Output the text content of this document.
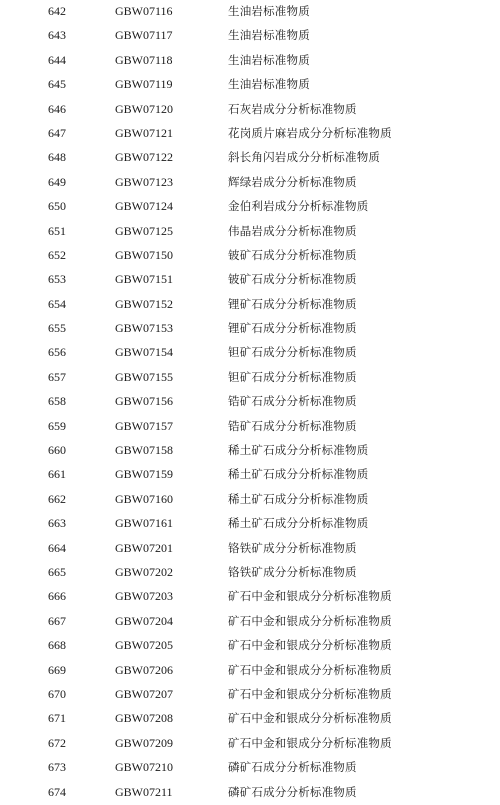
642	GBW07116	生油岩标准物质
643	GBW07117	生油岩标准物质
644	GBW07118	生油岩标准物质
645	GBW07119	生油岩标准物质
646	GBW07120	石灰岩成分分析标准物质
647	GBW07121	花岗质片麻岩成分分析标准物质
648	GBW07122	斜长角闪岩成分分析标准物质
649	GBW07123	辉绿岩成分分析标准物质
650	GBW07124	金伯利岩成分分析标准物质
651	GBW07125	伟晶岩成分分析标准物质
652	GBW07150	铍矿石成分分析标准物质
653	GBW07151	铍矿石成分分析标准物质
654	GBW07152	锂矿石成分分析标准物质
655	GBW07153	锂矿石成分分析标准物质
656	GBW07154	钽矿石成分分析标准物质
657	GBW07155	钽矿石成分分析标准物质
658	GBW07156	锆矿石成分分析标准物质
659	GBW07157	锆矿石成分分析标准物质
660	GBW07158	稀土矿石成分分析标准物质
661	GBW07159	稀土矿石成分分析标准物质
662	GBW07160	稀土矿石成分分析标准物质
663	GBW07161	稀土矿石成分分析标准物质
664	GBW07201	铬铁矿成分分析标准物质
665	GBW07202	铬铁矿成分分析标准物质
666	GBW07203	矿石中金和银成分分析标准物质
667	GBW07204	矿石中金和银成分分析标准物质
668	GBW07205	矿石中金和银成分分析标准物质
669	GBW07206	矿石中金和银成分分析标准物质
670	GBW07207	矿石中金和银成分分析标准物质
671	GBW07208	矿石中金和银成分分析标准物质
672	GBW07209	矿石中金和银成分分析标准物质
673	GBW07210	磷矿石成分分析标准物质
674	GBW07211	磷矿石成分分析标准物质
